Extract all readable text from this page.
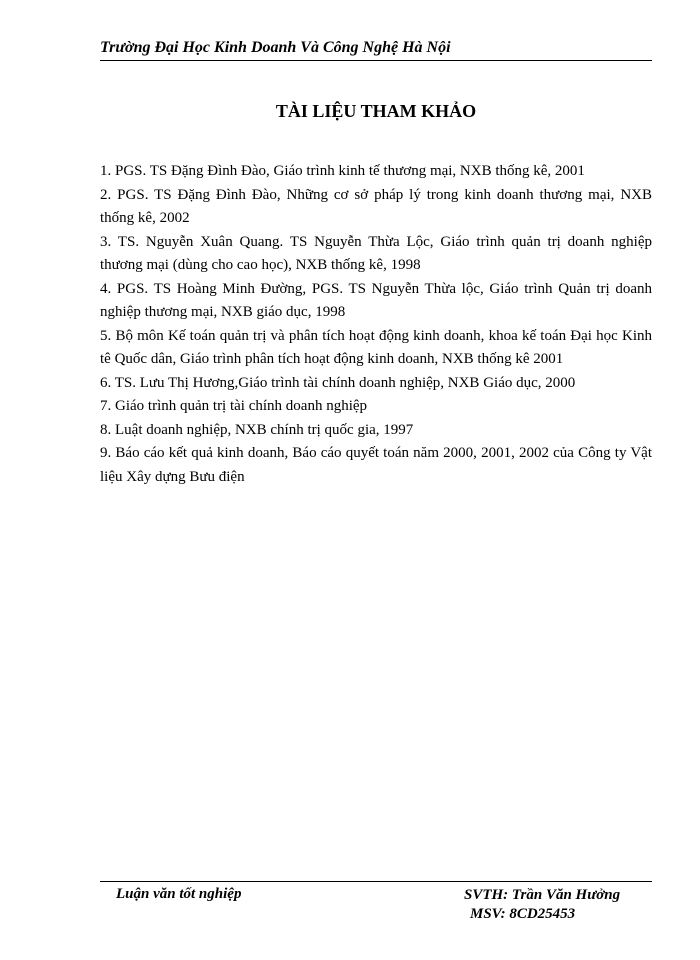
Trường Đại Học Kinh Doanh Và Công Nghệ Hà Nội
TÀI LIỆU THAM KHẢO
1. PGS. TS Đặng Đình Đào, Giáo trình kinh tế thương mại, NXB thống kê, 2001
2. PGS. TS Đặng Đình Đào, Những cơ sở pháp lý trong kinh doanh thương mại, NXB thống kê, 2002
3. TS. Nguyễn Xuân Quang. TS Nguyễn Thừa Lộc, Giáo trình quản trị doanh nghiệp thương mại (dùng cho cao học), NXB thống kê, 1998
4. PGS. TS Hoàng Minh Đường, PGS. TS Nguyễn Thừa lộc, Giáo trình Quản trị doanh nghiệp thương mại, NXB giáo dục, 1998
5. Bộ môn Kế toán quản trị và phân tích hoạt động kinh doanh, khoa kế toán Đại học Kinh tê Quốc dân, Giáo trình phân tích hoạt động kinh doanh, NXB thống kê 2001
6. TS. Lưu Thị Hương,Giáo trình tài chính doanh nghiệp, NXB Giáo dục, 2000
7. Giáo trình quản trị tài chính doanh nghiệp
8. Luật doanh nghiệp, NXB chính trị quốc gia, 1997
9. Báo cáo kết quả kinh doanh, Báo cáo quyết toán năm 2000, 2001, 2002 của Công ty Vật liệu Xây dựng Bưu điện
Luận văn tốt nghiệp	SVTH: Trần Văn Hưởng
MSV: 8CD25453
